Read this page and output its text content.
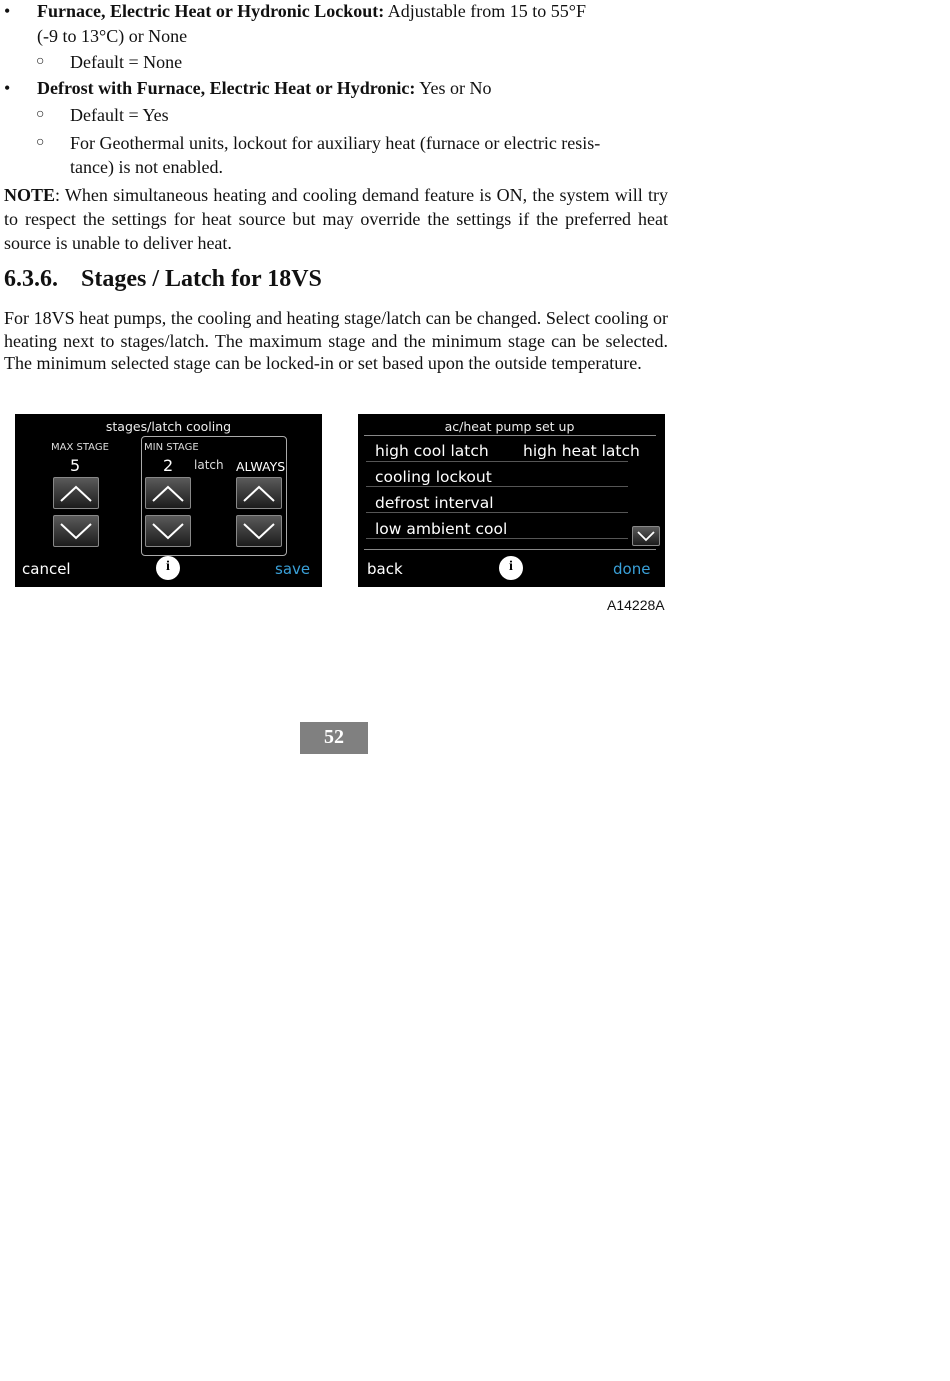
• Furnace, Electric Heat or Hydronic Lockout: Adjustable from 15 to 55°F
(-9 to 13°C) or None
○ Default = None
• Defrost with Furnace, Electric Heat or Hydronic: Yes or No
○ Default = Yes
○ For Geothermal units, lockout for auxiliary heat (furnace or electric resis-
tance) is not enabled.
NOTE: When simultaneous heating and cooling demand feature is ON, the system will try to respect the settings for heat source but may override the settings if the preferred heat source is unable to deliver heat.
6.3.6. Stages / Latch for 18VS
For 18VS heat pumps, the cooling and heating stage/latch can be changed. Select cooling or heating next to stages/latch. The maximum stage and the minimum stage can be selected. The minimum selected stage can be locked-in or set based upon the outside temperature.
stages/latch cooling
MAX STAGE
5
MIN STAGE
2 latch ALWAYS
cancel	i	save
ac/heat pump set up
high cool latch high heat latch
cooling lockout
defrost interval
low ambient cool
back	i	done
A14228A
52
